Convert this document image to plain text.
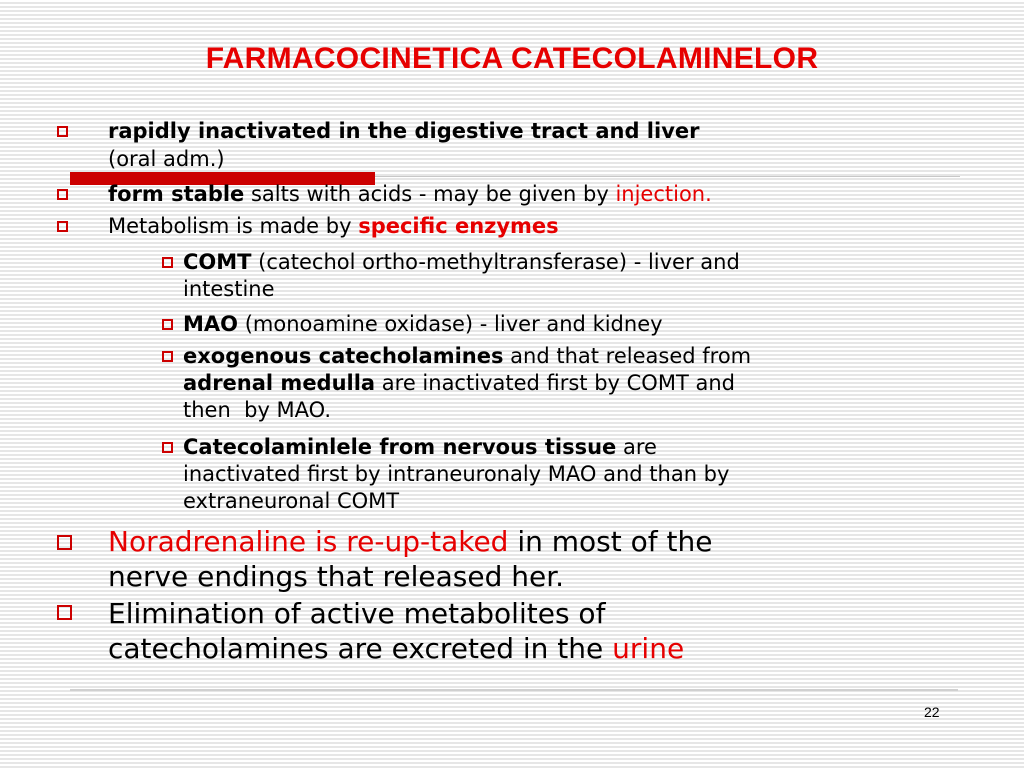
FARMACOCINETICA CATECOLAMINELOR
rapidly inactivated in the digestive tract and liver
(oral adm.)
form stable salts with acids - may be given by injection.
Metabolism is made by specific enzymes
COMT (catechol ortho-methyltransferase) - liver and
intestine
MAO (monoamine oxidase) - liver and kidney
exogenous catecholamines and that released from
adrenal medulla are inactivated first by COMT and
then  by MAO.
Catecolaminlele from nervous tissue are
inactivated first by intraneuronaly MAO and than by
extraneuronal COMT
Noradrenaline is re-up-taked in most of the
nerve endings that released her.
Elimination of active metabolites of
catecholamines are excreted in the urine
22
